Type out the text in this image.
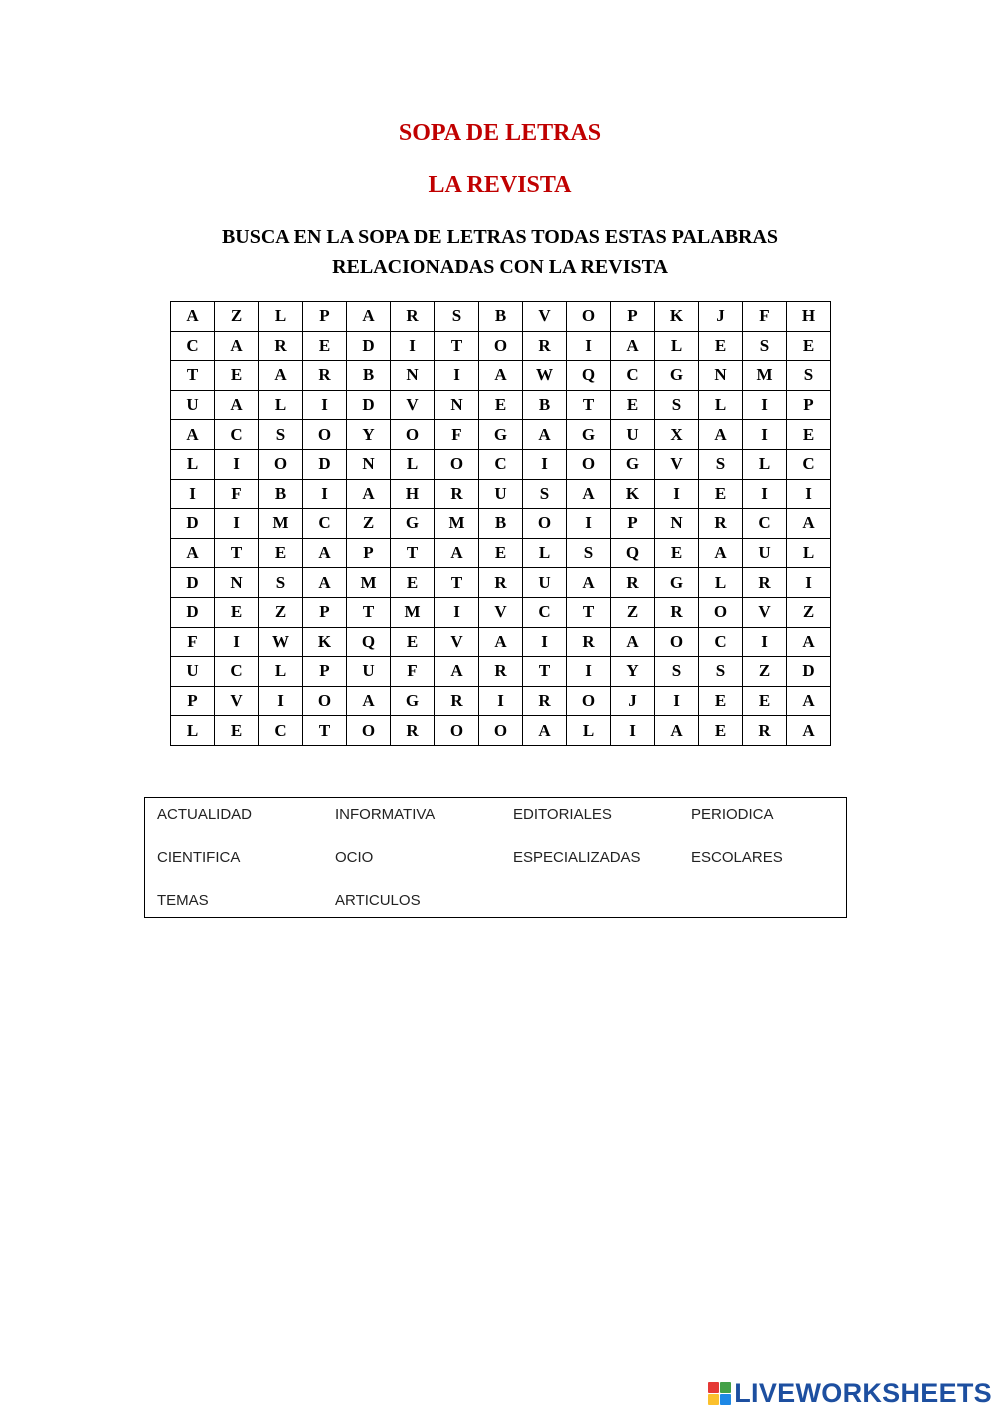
SOPA DE LETRAS
LA REVISTA
BUSCA EN LA SOPA DE LETRAS TODAS ESTAS PALABRAS
RELACIONADAS CON LA REVISTA
A	Z	L	P	A	R	S	B	V	O	P	K	J	F	H
C	A	R	E	D	I	T	O	R	I	A	L	E	S	E
T	E	A	R	B	N	I	A	W	Q	C	G	N	M	S
U	A	L	I	D	V	N	E	B	T	E	S	L	I	P
A	C	S	O	Y	O	F	G	A	G	U	X	A	I	E
L	I	O	D	N	L	O	C	I	O	G	V	S	L	C
I	F	B	I	A	H	R	U	S	A	K	I	E	I	I
D	I	M	C	Z	G	M	B	O	I	P	N	R	C	A
A	T	E	A	P	T	A	E	L	S	Q	E	A	U	L
D	N	S	A	M	E	T	R	U	A	R	G	L	R	I
D	E	Z	P	T	M	I	V	C	T	Z	R	O	V	Z
F	I	W	K	Q	E	V	A	I	R	A	O	C	I	A
U	C	L	P	U	F	A	R	T	I	Y	S	S	Z	D
P	V	I	O	A	G	R	I	R	O	J	I	E	E	A
L	E	C	T	O	R	O	O	A	L	I	A	E	R	A
ACTUALIDAD	INFORMATIVA	EDITORIALES	PERIODICA
CIENTIFICA	OCIO	ESPECIALIZADAS	ESCOLARES
TEMAS	ARTICULOS
LIVEWORKSHEETS
